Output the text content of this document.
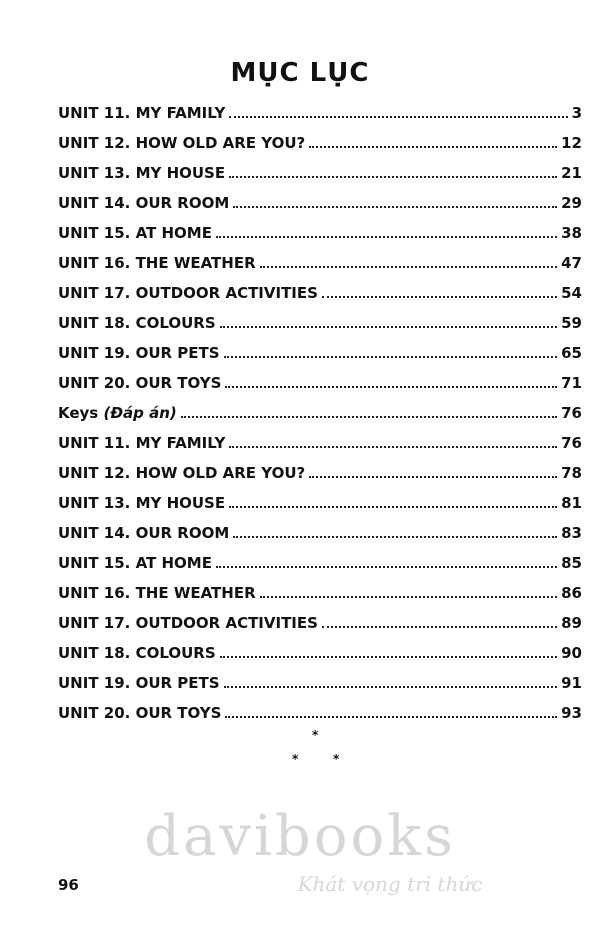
davibooks
Khát vọng tri thức
MỤC LỤC
UNIT 11. MY FAMILY	3
UNIT 12. HOW OLD ARE YOU?	12
UNIT 13. MY HOUSE	21
UNIT 14. OUR ROOM	29
UNIT 15. AT HOME	38
UNIT 16. THE WEATHER	47
UNIT 17. OUTDOOR ACTIVITIES	54
UNIT 18. COLOURS	59
UNIT 19. OUR PETS	65
UNIT 20. OUR TOYS	71
Keys (Đáp án)	76
UNIT 11. MY FAMILY	76
UNIT 12. HOW OLD ARE YOU?	78
UNIT 13. MY HOUSE	81
UNIT 14. OUR ROOM	83
UNIT 15. AT HOME	85
UNIT 16. THE WEATHER	86
UNIT 17. OUTDOOR ACTIVITIES	89
UNIT 18. COLOURS	90
UNIT 19. OUR PETS	91
UNIT 20. OUR TOYS	93
*
*	*
96
